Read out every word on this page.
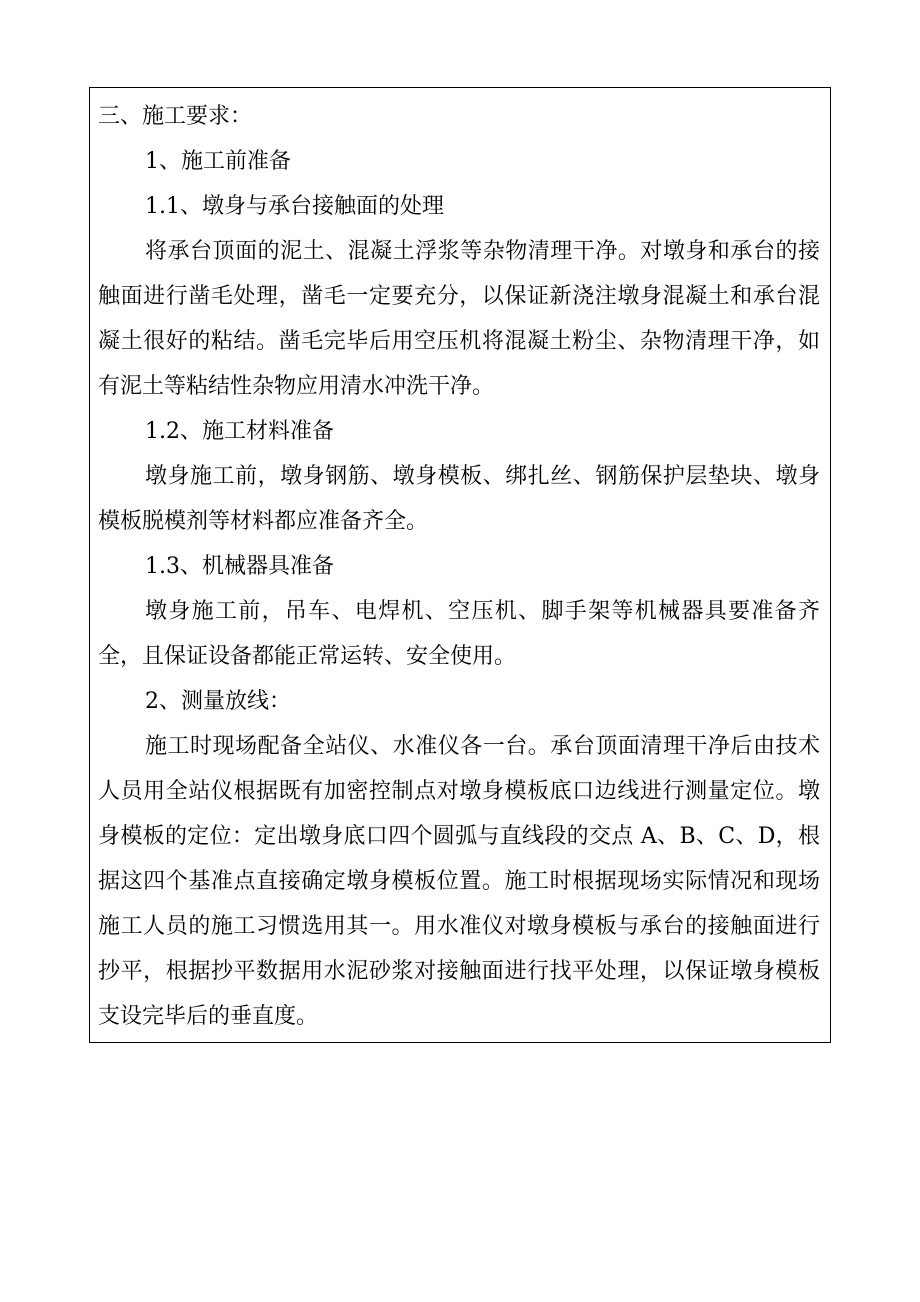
三、施工要求：

1、施工前准备

1.1、墩身与承台接触面的处理

将承台顶面的泥土、混凝土浮浆等杂物清理干净。对墩身和承台的接触面进行凿毛处理，凿毛一定要充分，以保证新浇注墩身混凝土和承台混凝土很好的粘结。凿毛完毕后用空压机将混凝土粉尘、杂物清理干净，如有泥土等粘结性杂物应用清水冲洗干净。

1.2、施工材料准备

墩身施工前，墩身钢筋、墩身模板、绑扎丝、钢筋保护层垫块、墩身模板脱模剂等材料都应准备齐全。

1.3、机械器具准备

墩身施工前，吊车、电焊机、空压机、脚手架等机械器具要准备齐全，且保证设备都能正常运转、安全使用。

2、测量放线：

施工时现场配备全站仪、水准仪各一台。承台顶面清理干净后由技术人员用全站仪根据既有加密控制点对墩身模板底口边线进行测量定位。墩身模板的定位：定出墩身底口四个圆弧与直线段的交点 A、B、C、D，根据这四个基准点直接确定墩身模板位置。施工时根据现场实际情况和现场施工人员的施工习惯选用其一。用水准仪对墩身模板与承台的接触面进行抄平，根据抄平数据用水泥砂浆对接触面进行找平处理，以保证墩身模板支设完毕后的垂直度。
